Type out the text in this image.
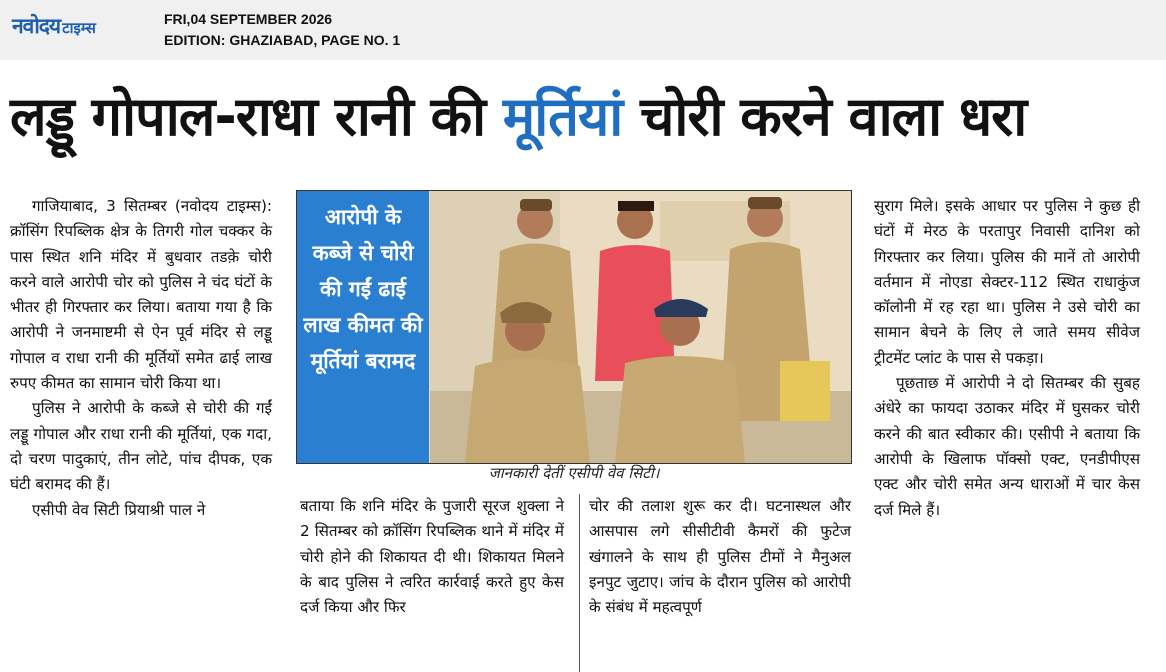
नवोदय टाइम्स	FRI,04 SEPTEMBER 2026
EDITION: GHAZIABAD, PAGE NO. 1
लड्डू गोपाल-राधा रानी की मूर्तियां चोरी करने वाला धरा

गाजियाबाद, 3 सितम्बर (नवोदय टाइम्स): क्रॉसिंग रिपब्लिक क्षेत्र के तिगरी गोल चक्कर के पास स्थित शनि मंदिर में बुधवार तडक़े चोरी करने वाले आरोपी चोर को पुलिस ने चंद घंटों के भीतर ही गिरफ्तार कर लिया। बताया गया है कि आरोपी ने जनमाष्टमी से ऐन पूर्व मंदिर से लड्डू गोपाल व राधा रानी की मूर्तियों समेत ढाई लाख रुपए कीमत का सामान चोरी किया था।

पुलिस ने आरोपी के कब्जे से चोरी की गईं लड्डू गोपाल और राधा रानी की मूर्तियां, एक गदा, दो चरण पादुकाएं, तीन लोटे, पांच दीपक, एक घंटी बरामद की हैं।

एसीपी वेव सिटी प्रियाश्री पाल ने

आरोपी के कब्जे से चोरी की गईं ढाई लाख कीमत की मूर्तियां बरामद
जानकारी देतीं एसीपी वेव सिटी।

बताया कि शनि मंदिर के पुजारी सूरज शुक्ला ने 2 सितम्बर को क्रॉसिंग रिपब्लिक थाने में मंदिर में चोरी होने की शिकायत दी थी। शिकायत मिलने के बाद पुलिस ने त्वरित कार्रवाई करते हुए केस दर्ज किया और फिर

चोर की तलाश शुरू कर दी। घटनास्थल और आसपास लगे सीसीटीवी कैमरों की फुटेज खंगालने के साथ ही पुलिस टीमों ने मैनुअल इनपुट जुटाए। जांच के दौरान पुलिस को आरोपी के संबंध में महत्वपूर्ण

सुराग मिले। इसके आधार पर पुलिस ने कुछ ही घंटों में मेरठ के परतापुर निवासी दानिश को गिरफ्तार कर लिया। पुलिस की मानें तो आरोपी वर्तमान में नोएडा सेक्टर-112 स्थित राधाकुंज कॉलोनी में रह रहा था। पुलिस ने उसे चोरी का सामान बेचने के लिए ले जाते समय सीवेज ट्रीटमेंट प्लांट के पास से पकड़ा।

पूछताछ में आरोपी ने दो सितम्बर की सुबह अंधेरे का फायदा उठाकर मंदिर में घुसकर चोरी करने की बात स्वीकार की। एसीपी ने बताया कि आरोपी के खिलाफ पॉक्सो एक्ट, एनडीपीएस एक्ट और चोरी समेत अन्य धाराओं में चार केस दर्ज मिले हैं।
